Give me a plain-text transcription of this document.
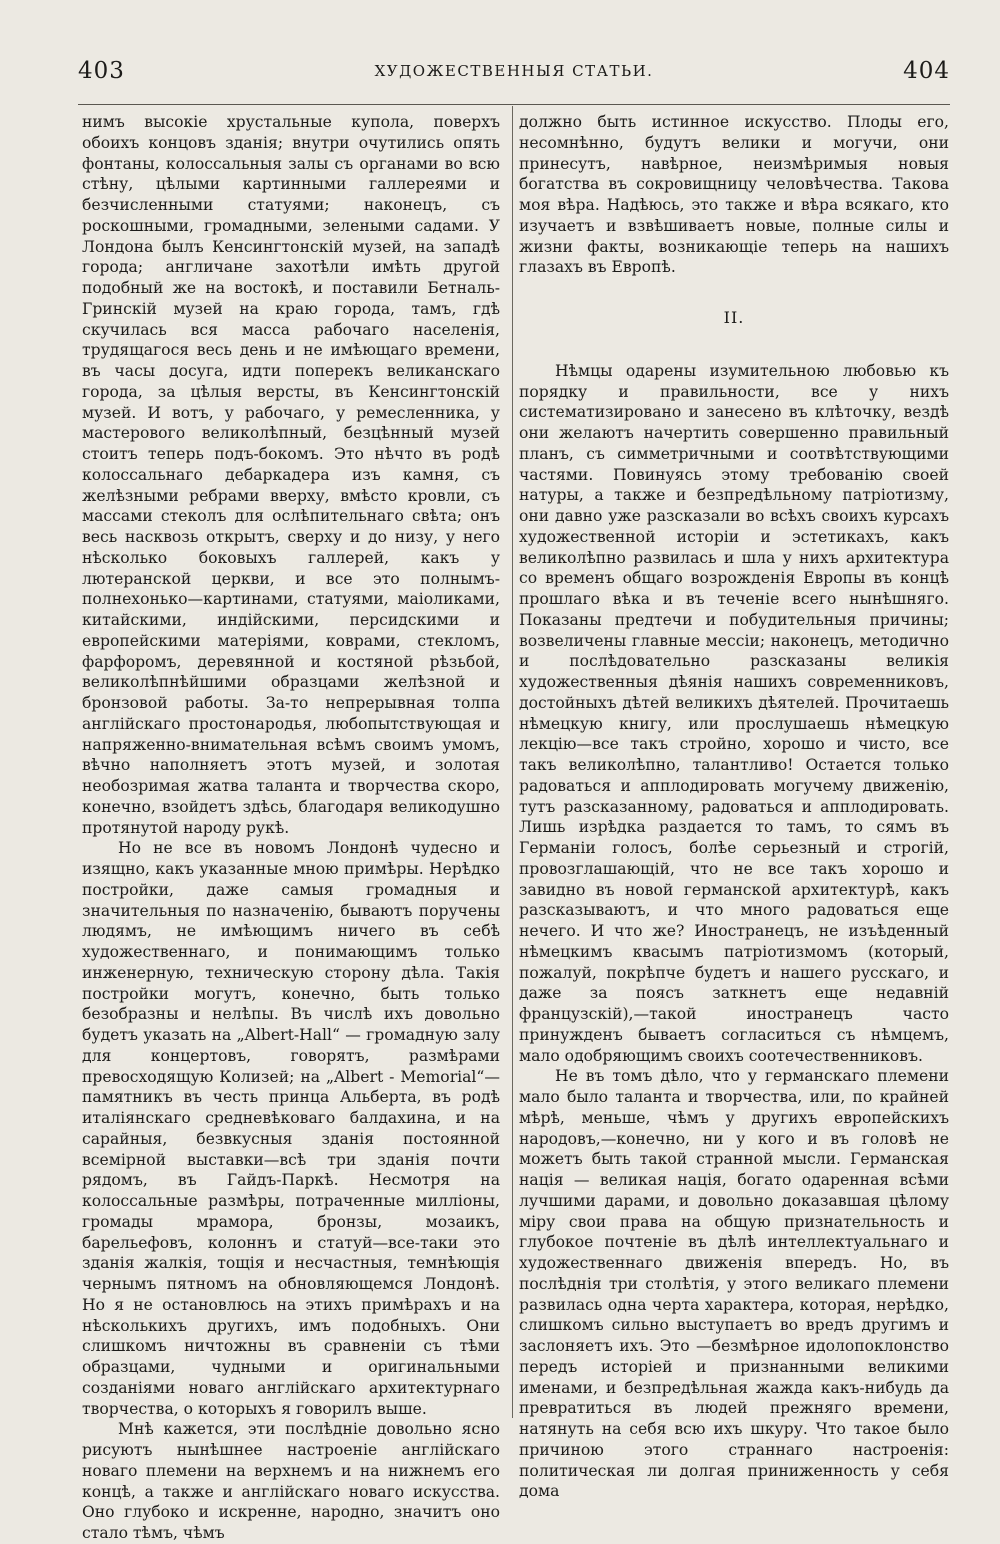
403	ХУДОЖЕСТВЕННЫЯ СТАТЬИ.	404

нимъ высокіе хрустальные купола, поверхъ обоихъ концовъ зданія; внутри очутились опять фонтаны, колоссальныя залы съ органами во всю стѣну, цѣлыми картинными галлереями и безчисленными статуями; наконецъ, съ роскошными, громадными, зелеными садами. У Лондона былъ Кенсингтонскій музей, на западѣ города; англичане захотѣли имѣть другой подобный же на востокѣ, и поставили Бетналь-Гринскій музей на краю города, тамъ, гдѣ скучилась вся масса рабочаго населенія, трудящагося весь день и не имѣющаго времени, въ часы досуга, идти поперекъ великанскаго города, за цѣлыя версты, въ Кенсингтонскій музей. И вотъ, у рабочаго, у ремесленника, у мастерового великолѣпный, безцѣнный музей стоитъ теперь подъ-бокомъ. Это нѣчто въ родѣ колоссальнаго дебаркадера изъ камня, съ желѣзными ребрами вверху, вмѣсто кровли, съ массами стеколъ для ослѣпительнаго свѣта; онъ весь насквозь открытъ, сверху и до низу, у него нѣсколько боковыхъ галлерей, какъ у лютеранской церкви, и все это полнымъ-полнехонько—картинами, статуями, маіоликами, китайскими, индійскими, персидскими и европейскими матеріями, коврами, стекломъ, фарфоромъ, деревянной и костяной рѣзьбой, великолѣпнѣйшими образцами желѣзной и бронзовой работы. За-то непрерывная толпа англійскаго простонародья, любопытствующая и напряженно-внимательная всѣмъ своимъ умомъ, вѣчно наполняетъ этотъ музей, и золотая необозримая жатва таланта и творчества скоро, конечно, взойдетъ здѣсь, благодаря великодушно протянутой народу рукѣ.

Но не все въ новомъ Лондонѣ чудесно и изящно, какъ указанные мною примѣры. Нерѣдко постройки, даже самыя громадныя и значительныя по назначенію, бываютъ поручены людямъ, не имѣющимъ ничего въ себѣ художественнаго, и понимающимъ только инженерную, техническую сторону дѣла. Такія постройки могутъ, конечно, быть только безобразны и нелѣпы. Въ числѣ ихъ довольно будетъ указать на „Albert-Hall“ — громадную залу для концертовъ, говорятъ, размѣрами превосходящую Колизей; на „Albert - Memorial“—памятникъ въ честь принца Альберта, въ родѣ италіянскаго средневѣковаго балдахина, и на сарайныя, безвкусныя зданія постоянной всемірной выставки—всѣ три зданія почти рядомъ, въ Гайдъ-Паркѣ. Несмотря на колоссальные размѣры, потраченные милліоны, громады мрамора, бронзы, мозаикъ, барельефовъ, колоннъ и статуй—все-таки это зданія жалкія, тощія и несчастныя, темнѣющія чернымъ пятномъ на обновляющемся Лондонѣ. Но я не остановлюсь на этихъ примѣрахъ и на нѣсколькихъ другихъ, имъ подобныхъ. Они слишкомъ ничтожны въ сравненіи съ тѣми образцами, чудными и оригинальными созданіями новаго англійскаго архитектурнаго творчества, о которыхъ я говорилъ выше.

Мнѣ кажется, эти послѣдніе довольно ясно рисуютъ нынѣшнее настроеніе англійскаго новаго племени на верхнемъ и на нижнемъ его концѣ, а также и англійскаго новаго искусства. Оно глубоко и искренне, народно, значитъ оно стало тѣмъ, чѣмъ

должно быть истинное искусство. Плоды его, несомнѣнно, будутъ велики и могучи, они принесутъ, навѣрное, неизмѣримыя новыя богатства въ сокровищницу человѣчества. Такова моя вѣра. Надѣюсь, это также и вѣра всякаго, кто изучаетъ и взвѣшиваетъ новые, полные силы и жизни факты, возникающіе теперь на нашихъ глазахъ въ Европѣ.

II.

Нѣмцы одарены изумительною любовью къ порядку и правильности, все у нихъ систематизировано и занесено въ клѣточку, вездѣ они желаютъ начертить совершенно правильный планъ, съ симметричными и соотвѣтствующими частями. Повинуясь этому требованію своей натуры, а также и безпредѣльному патріотизму, они давно уже разсказали во всѣхъ своихъ курсахъ художественной исторіи и эстетикахъ, какъ великолѣпно развилась и шла у нихъ архитектура со временъ общаго возрожденія Европы въ концѣ прошлаго вѣка и въ теченіе всего нынѣшняго. Показаны предтечи и побудительныя причины; возвеличены главные мессіи; наконецъ, методично и послѣдовательно разсказаны великія художественныя дѣянія нашихъ современниковъ, достойныхъ дѣтей великихъ дѣятелей. Прочитаешь нѣмецкую книгу, или прослушаешь нѣмецкую лекцію—все такъ стройно, хорошо и чисто, все такъ великолѣпно, талантливо! Остается только радоваться и апплодировать могучему движенію, тутъ разсказанному, радоваться и апплодировать. Лишь изрѣдка раздается то тамъ, то сямъ въ Германіи голосъ, болѣе серьезный и строгій, провозглашающій, что не все такъ хорошо и завидно въ новой германской архитектурѣ, какъ разсказываютъ, и что много радоваться еще нечего. И что же? Иностранецъ, не изъѣденный нѣмецкимъ квасымъ патріотизмомъ (который, пожалуй, покрѣпче будетъ и нашего русскаго, и даже за поясъ заткнетъ еще недавній французскій),—такой иностранецъ часто принужденъ бываетъ согласиться съ нѣмцемъ, мало одобряющимъ своихъ соотечественниковъ.

Не въ томъ дѣло, что у германскаго племени мало было таланта и творчества, или, по крайней мѣрѣ, меньше, чѣмъ у другихъ европейскихъ народовъ,—конечно, ни у кого и въ головѣ не можетъ быть такой странной мысли. Германская нація — великая нація, богато одаренная всѣми лучшими дарами, и довольно доказавшая цѣлому міру свои права на общую признательность и глубокое почтеніе въ дѣлѣ интеллектуальнаго и художественнаго движенія впередъ. Но, въ послѣднія три столѣтія, у этого великаго племени развилась одна черта характера, которая, нерѣдко, слишкомъ сильно выступаетъ во вредъ другимъ и заслоняетъ ихъ. Это —безмѣрное идолопоклонство передъ исторіей и признанными великими именами, и безпредѣльная жажда какъ-нибудь да превратиться въ людей прежняго времени, натянуть на себя всю ихъ шкуру. Что такое было причиною этого страннаго настроенія: политическая ли долгая приниженность у себя дома
